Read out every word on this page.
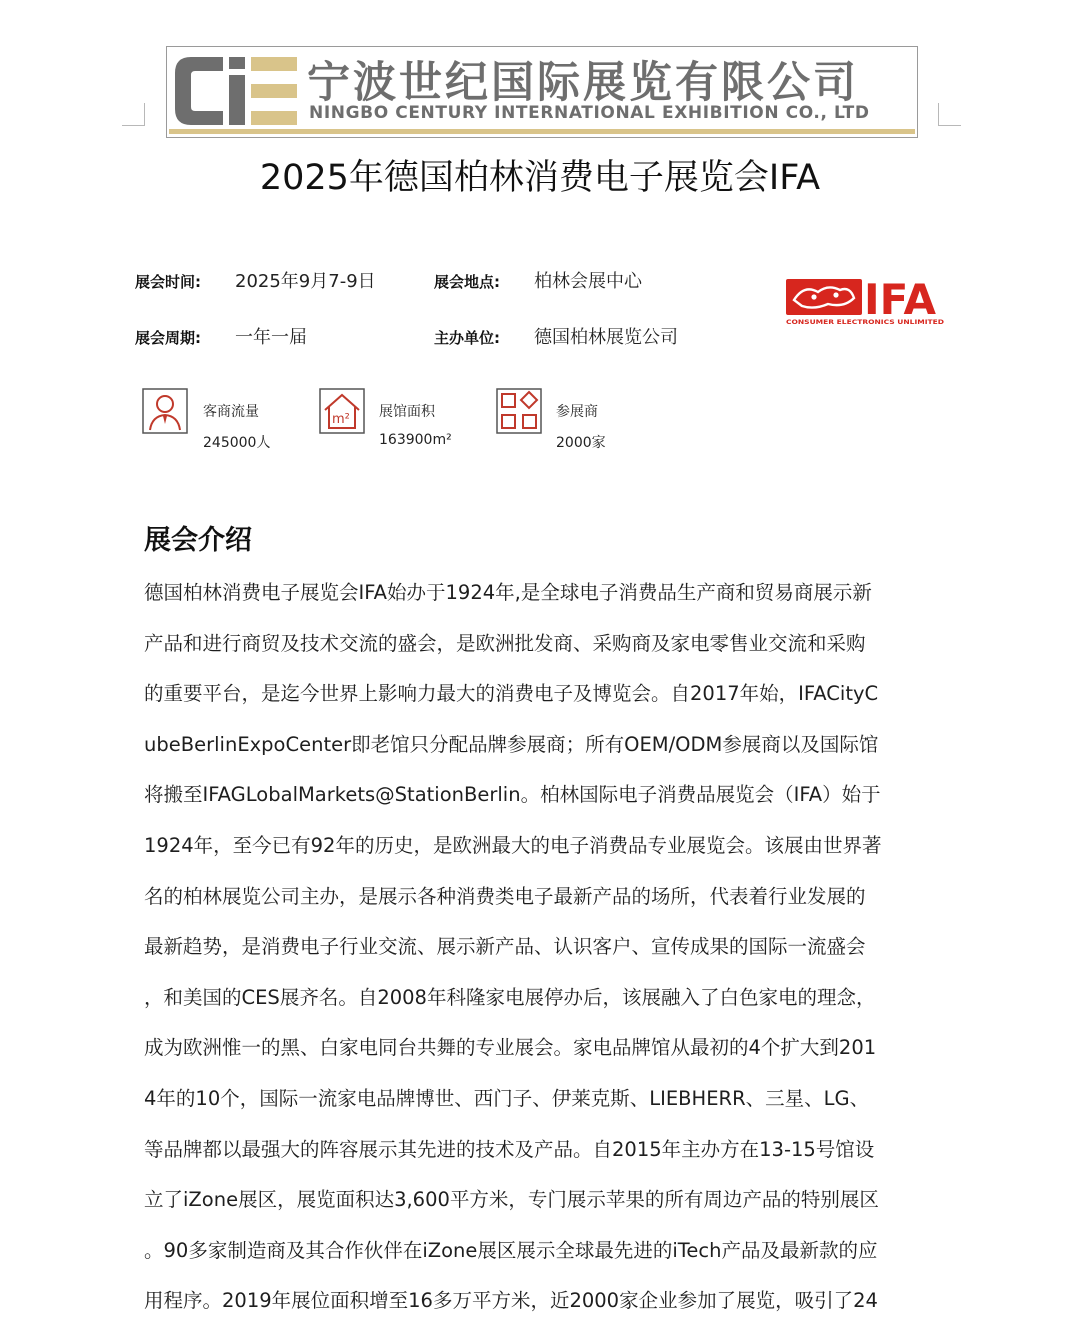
宁波世纪国际展览有限公司
NINGBO CENTURY INTERNATIONAL EXHIBITION CO., LTD
2025年德国柏林消费电子展览会IFA
展会时间: 2025年9月7-9日	展会地点: 柏林会展中心
展会周期: 一年一届	主办单位: 德国柏林展览公司
IFA
CONSUMER ELECTRONICS UNLIMITED
客商流量
245000人
m² 展馆面积
163900m²
参展商
2000家
展会介绍
德国柏林消费电子展览会IFA始办于1924年,是全球电子消费品生产商和贸易商展示新
产品和进行商贸及技术交流的盛会，是欧洲批发商、采购商及家电零售业交流和采购
的重要平台，是迄今世界上影响力最大的消费电子及博览会。自2017年始，IFACityC
ubeBerlinExpoCenter即老馆只分配品牌参展商；所有OEM/ODM参展商以及国际馆
将搬至IFAGLobalMarkets@StationBerlin。柏林国际电子消费品展览会（IFA）始于
1924年，至今已有92年的历史，是欧洲最大的电子消费品专业展览会。该展由世界著
名的柏林展览公司主办，是展示各种消费类电子最新产品的场所，代表着行业发展的
最新趋势，是消费电子行业交流、展示新产品、认识客户、宣传成果的国际一流盛会
，和美国的CES展齐名。自2008年科隆家电展停办后，该展融入了白色家电的理念，
成为欧洲惟一的黑、白家电同台共舞的专业展会。家电品牌馆从最初的4个扩大到201
4年的10个，国际一流家电品牌博世、西门子、伊莱克斯、LIEBHERR、三星、LG、
等品牌都以最强大的阵容展示其先进的技术及产品。自2015年主办方在13-15号馆设
立了iZone展区，展览面积达3,600平方米，专门展示苹果的所有周边产品的特别展区
。90多家制造商及其合作伙伴在iZone展区展示全球最先进的iTech产品及最新款的应
用程序。2019年展位面积增至16多万平方米，近2000家企业参加了展览，吸引了24
